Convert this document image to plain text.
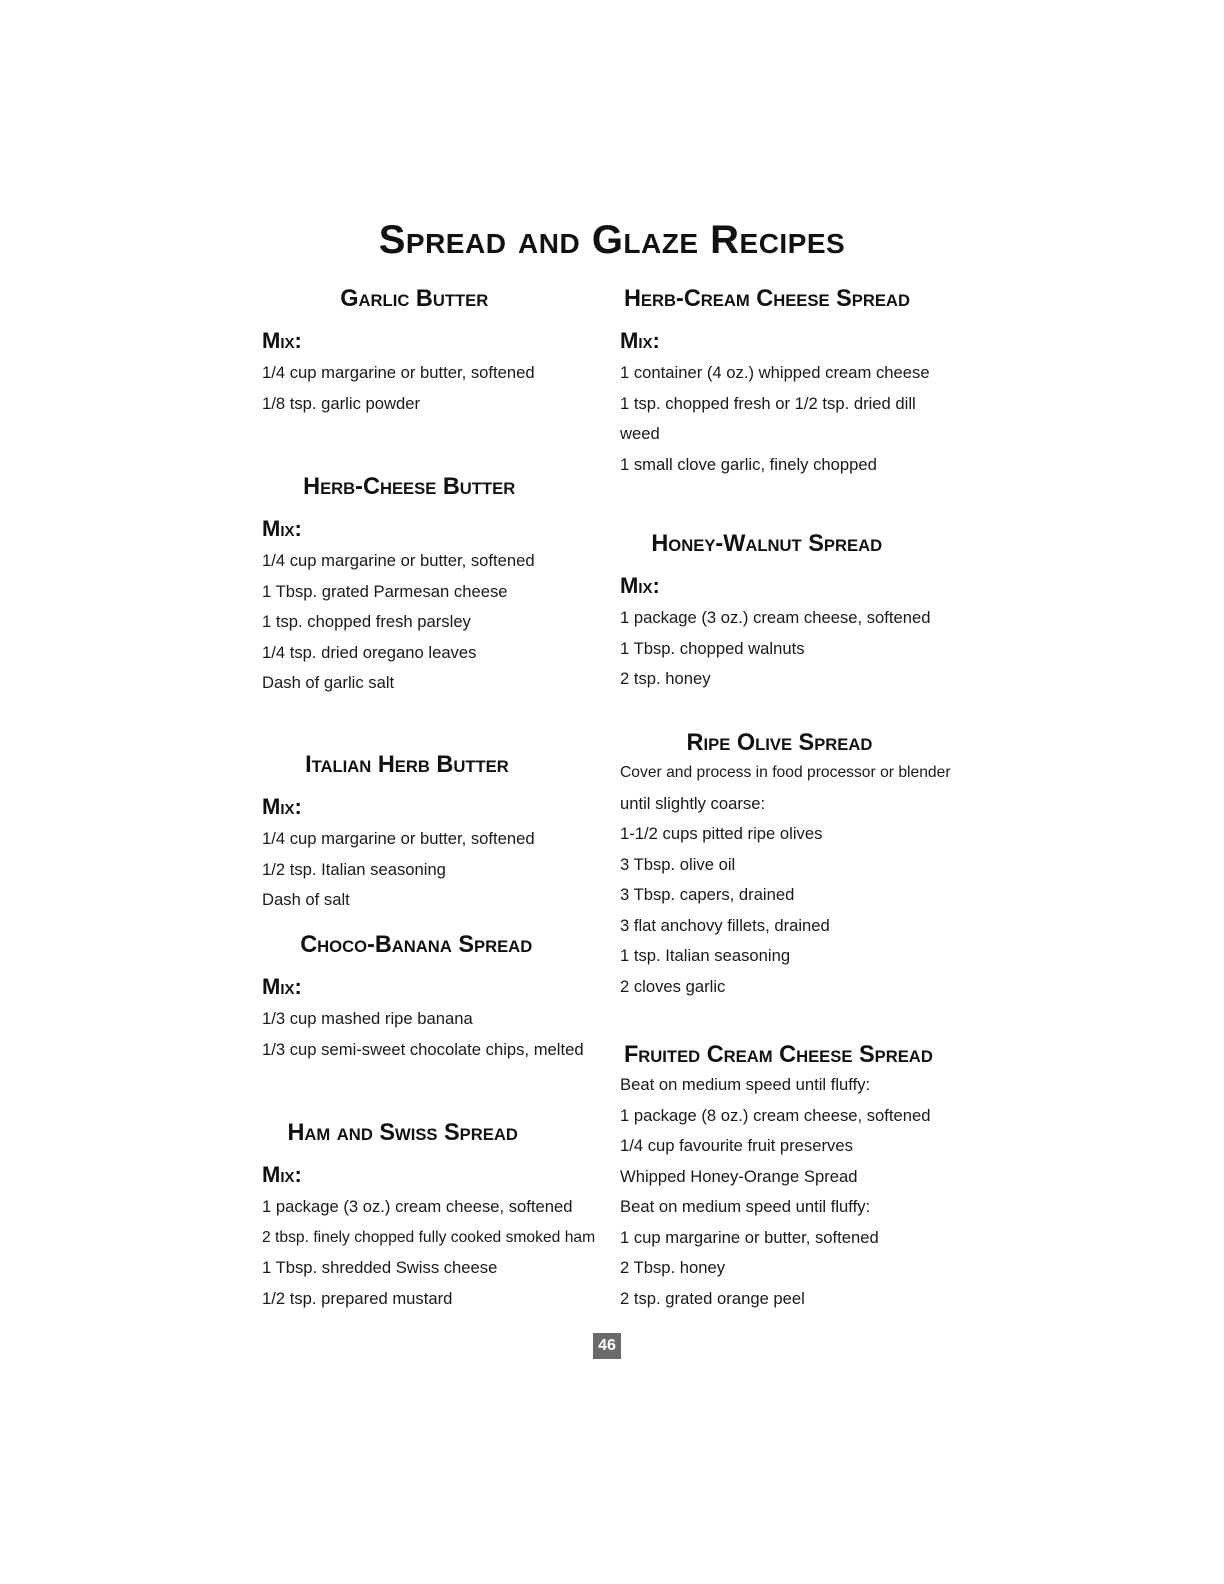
Spread and Glaze Recipes
Garlic Butter
Mix:
1/4 cup margarine or butter, softened
1/8 tsp. garlic powder
Herb-Cheese Butter
Mix:
1/4 cup margarine or butter, softened
1 Tbsp. grated Parmesan cheese
1 tsp. chopped fresh parsley
1/4 tsp. dried oregano leaves
Dash of garlic salt
Italian Herb Butter
Mix:
1/4 cup margarine or butter, softened
1/2 tsp. Italian seasoning
Dash of salt
Choco-Banana Spread
Mix:
1/3 cup mashed ripe banana
1/3 cup semi-sweet chocolate chips, melted
Ham and Swiss Spread
Mix:
1 package (3 oz.) cream cheese, softened
2 tbsp. finely chopped fully cooked smoked ham
1 Tbsp. shredded Swiss cheese
1/2 tsp. prepared mustard
Herb-Cream Cheese Spread
Mix:
1 container (4 oz.) whipped cream cheese
1 tsp. chopped fresh or 1/2 tsp. dried dill
weed
1 small clove garlic, finely chopped
Honey-Walnut Spread
Mix:
1 package (3 oz.) cream cheese, softened
1 Tbsp. chopped walnuts
2 tsp. honey
Ripe Olive Spread
Cover and process in food processor or blender
until slightly coarse:
1-1/2 cups pitted ripe olives
3 Tbsp. olive oil
3 Tbsp. capers, drained
3 flat anchovy fillets, drained
1 tsp. Italian seasoning
2 cloves garlic
Fruited Cream Cheese Spread
Beat on medium speed until fluffy:
1 package (8 oz.) cream cheese, softened
1/4 cup favourite fruit preserves
Whipped Honey-Orange Spread
Beat on medium speed until fluffy:
1 cup margarine or butter, softened
2 Tbsp. honey
2 tsp. grated orange peel
46
